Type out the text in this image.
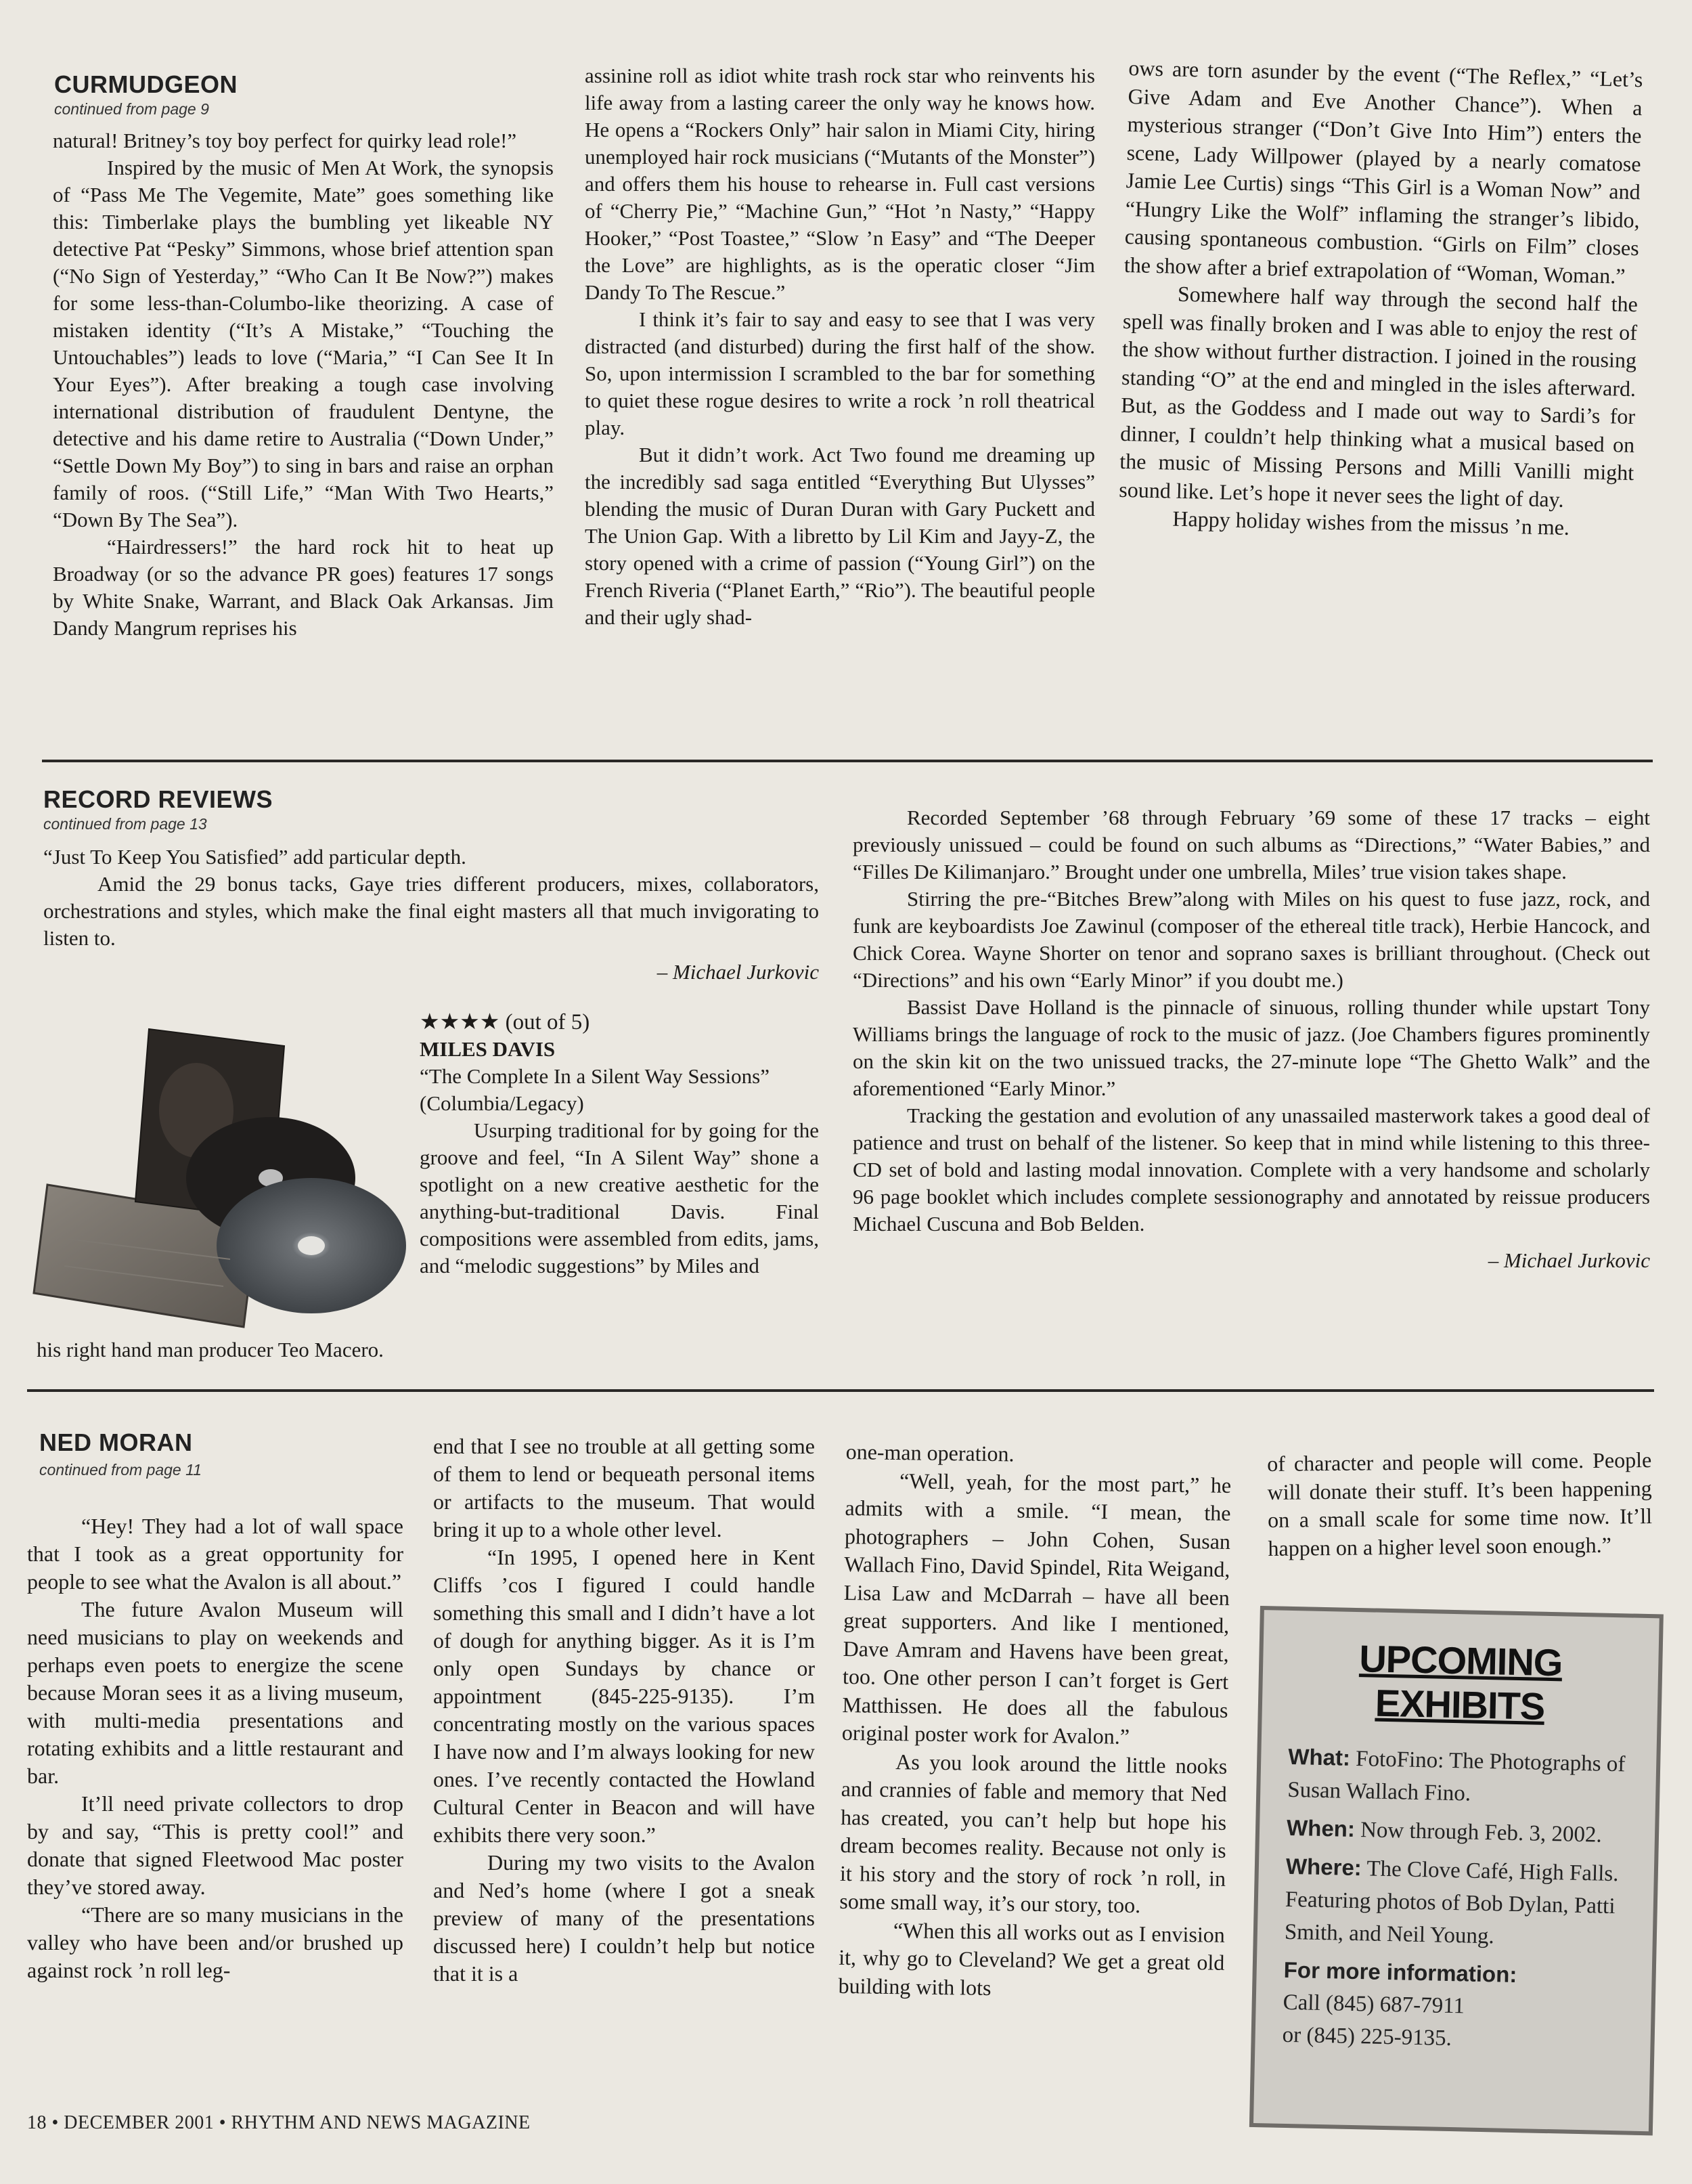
CURMUDGEON
continued from page 9

natural! Britney’s toy boy perfect for quirky lead role!”

Inspired by the music of Men At Work, the synopsis of “Pass Me The Vegemite, Mate” goes something like this: Timberlake plays the bumbling yet likeable NY detective Pat “Pesky” Simmons, whose brief attention span (“No Sign of Yesterday,” “Who Can It Be Now?”) makes for some less-than-Columbo-like theorizing. A case of mistaken identity (“It’s A Mistake,” “Touching the Untouchables”) leads to love (“Maria,” “I Can See It In Your Eyes”). After breaking a tough case involving international distribution of fraudulent Dentyne, the detective and his dame retire to Australia (“Down Under,” “Settle Down My Boy”) to sing in bars and raise an orphan family of roos. (“Still Life,” “Man With Two Hearts,” “Down By The Sea”).

“Hairdressers!” the hard rock hit to heat up Broadway (or so the advance PR goes) features 17 songs by White Snake, Warrant, and Black Oak Arkansas. Jim Dandy Mangrum reprises his

assinine roll as idiot white trash rock star who reinvents his life away from a lasting career the only way he knows how. He opens a “Rockers Only” hair salon in Miami City, hiring unemployed hair rock musicians (“Mutants of the Monster”) and offers them his house to rehearse in. Full cast versions of “Cherry Pie,” “Machine Gun,” “Hot ’n Nasty,” “Happy Hooker,” “Post Toastee,” “Slow ’n Easy” and “The Deeper the Love” are highlights, as is the operatic closer “Jim Dandy To The Rescue.”

I think it’s fair to say and easy to see that I was very distracted (and disturbed) during the first half of the show. So, upon intermission I scrambled to the bar for something to quiet these rogue desires to write a rock ’n roll theatrical play.

But it didn’t work. Act Two found me dreaming up the incredibly sad saga entitled “Everything But Ulysses” blending the music of Duran Duran with Gary Puckett and The Union Gap. With a libretto by Lil Kim and Jayy-Z, the story opened with a crime of passion (“Young Girl”) on the French Riveria (“Planet Earth,” “Rio”). The beautiful people and their ugly shad-

ows are torn asunder by the event (“The Reflex,” “Let’s Give Adam and Eve Another Chance”). When a mysterious stranger (“Don’t Give Into Him”) enters the scene, Lady Willpower (played by a nearly comatose Jamie Lee Curtis) sings “This Girl is a Woman Now” and “Hungry Like the Wolf” inflaming the stranger’s libido, causing spontaneous combustion. “Girls on Film” closes the show after a brief extrapolation of “Woman, Woman.”

Somewhere half way through the second half the spell was finally broken and I was able to enjoy the rest of the show without further distraction. I joined in the rousing standing “O” at the end and mingled in the isles afterward. But, as the Goddess and I made out way to Sardi’s for dinner, I couldn’t help thinking what a musical based on the music of Missing Persons and Milli Vanilli might sound like. Let’s hope it never sees the light of day.

Happy holiday wishes from the missus ’n me.

RECORD REVIEWS
continued from page 13

“Just To Keep You Satisfied” add particular depth.

Amid the 29 bonus tacks, Gaye tries different producers, mixes, collaborators, orchestrations and styles, which make the final eight masters all that much invigorating to listen to.

– Michael Jurkovic

★★★★ (out of 5)

MILES DAVIS

“The Complete In a Silent Way Sessions”

(Columbia/Legacy)

Usurping traditional for by going for the groove and feel, “In A Silent Way” shone a spotlight on a new creative aesthetic for the anything-but-traditional Davis. Final compositions were assembled from edits, jams, and “melodic suggestions” by Miles and

his right hand man producer Teo Macero.

Recorded September ’68 through February ’69 some of these 17 tracks – eight previously unissued – could be found on such albums as “Directions,” “Water Babies,” and “Filles De Kilimanjaro.” Brought under one umbrella, Miles’ true vision takes shape.

Stirring the pre-“Bitches Brew”along with Miles on his quest to fuse jazz, rock, and funk are keyboardists Joe Zawinul (composer of the ethereal title track), Herbie Hancock, and Chick Corea. Wayne Shorter on tenor and soprano saxes is brilliant throughout. (Check out “Directions” and his own “Early Minor” if you doubt me.)

Bassist Dave Holland is the pinnacle of sinuous, rolling thunder while upstart Tony Williams brings the language of rock to the music of jazz. (Joe Chambers figures prominently on the skin kit on the two unissued tracks, the 27-minute lope “The Ghetto Walk” and the aforementioned “Early Minor.”

Tracking the gestation and evolution of any unassailed masterwork takes a good deal of patience and trust on behalf of the listener. So keep that in mind while listening to this three-CD set of bold and lasting modal innovation. Complete with a very handsome and scholarly 96 page booklet which includes complete sessionography and annotated by reissue producers Michael Cuscuna and Bob Belden.

– Michael Jurkovic

NED MORAN
continued from page 11

“Hey! They had a lot of wall space that I took as a great opportunity for people to see what the Avalon is all about.”

The future Avalon Museum will need musicians to play on weekends and perhaps even poets to energize the scene because Moran sees it as a living museum, with multi-media presentations and rotating exhibits and a little restaurant and bar.

It’ll need private collectors to drop by and say, “This is pretty cool!” and donate that signed Fleetwood Mac poster they’ve stored away.

“There are so many musicians in the valley who have been and/or brushed up against rock ’n roll leg-

end that I see no trouble at all getting some of them to lend or bequeath personal items or artifacts to the museum. That would bring it up to a whole other level.

“In 1995, I opened here in Kent Cliffs ’cos I figured I could handle something this small and I didn’t have a lot of dough for anything bigger. As it is I’m only open Sundays by chance or appointment (845-225-9135). I’m concentrating mostly on the various spaces I have now and I’m always looking for new ones. I’ve recently contacted the Howland Cultural Center in Beacon and will have exhibits there very soon.”

During my two visits to the Avalon and Ned’s home (where I got a sneak preview of many of the presentations discussed here) I couldn’t help but notice that it is a

one-man operation.

“Well, yeah, for the most part,” he admits with a smile. “I mean, the photographers – John Cohen, Susan Wallach Fino, David Spindel, Rita Weigand, Lisa Law and McDarrah – have all been great supporters. And like I mentioned, Dave Amram and Havens have been great, too. One other person I can’t forget is Gert Matthissen. He does all the fabulous original poster work for Avalon.”

As you look around the little nooks and crannies of fable and memory that Ned has created, you can’t help but hope his dream becomes reality. Because not only is it his story and the story of rock ’n roll, in some small way, it’s our story, too.

“When this all works out as I envision it, why go to Cleveland? We get a great old building with lots

of character and people will come. People will donate their stuff. It’s been happening on a small scale for some time now. It’ll happen on a higher level soon enough.”

UPCOMING EXHIBITS
What: FotoFino: The Photographs of Susan Wallach Fino.
When: Now through Feb. 3, 2002.
Where: The Clove Café, High Falls. Featuring photos of Bob Dylan, Patti Smith, and Neil Young.
For more information:
Call (845) 687-7911
or (845) 225-9135.
18 • DECEMBER 2001 • RHYTHM AND NEWS MAGAZINE
